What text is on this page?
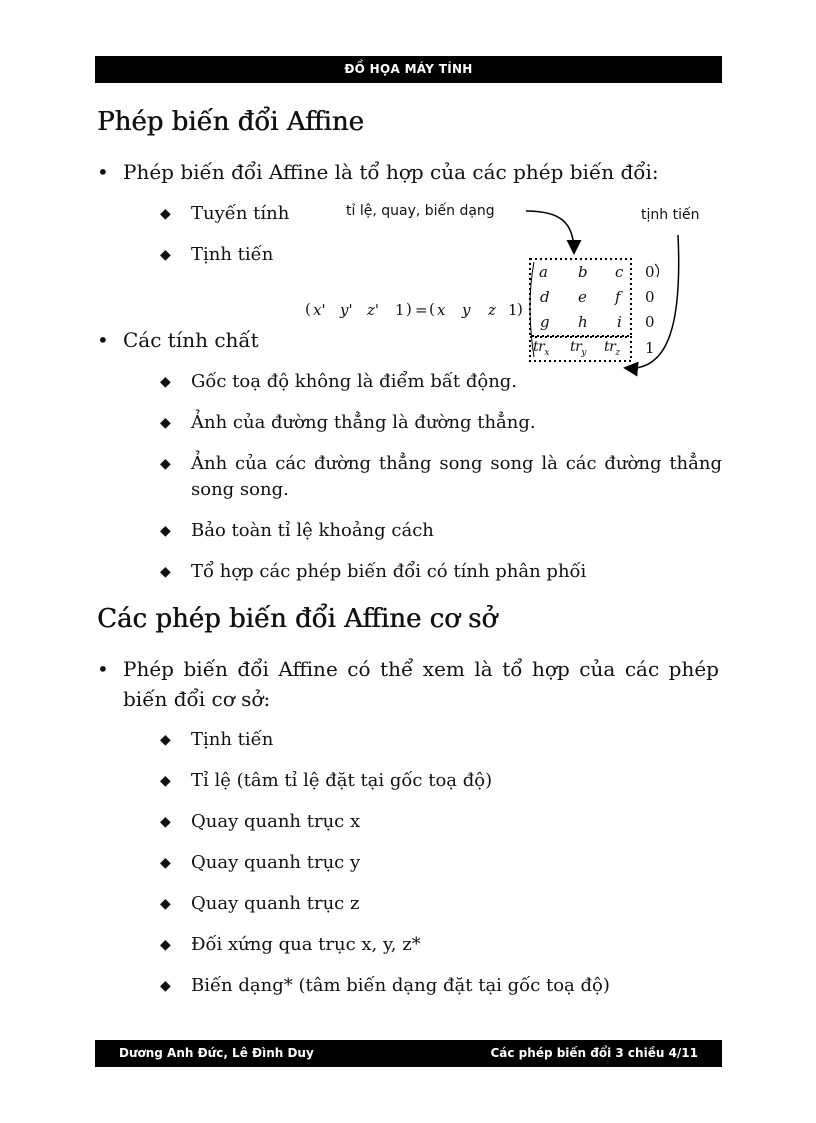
ĐỒ HỌA MÁY TÍNH
Phép biến đổi Affine
• Phép biến đổi Affine là tổ hợp của các phép biến đổi:
◆ Tuyến tính
◆ Tịnh tiến
• Các tính chất
◆ Gốc toạ độ không là điểm bất động.
◆ Ảnh của đường thẳng là đường thẳng.
◆ Ảnh của các đường thẳng song song là các đường thẳng song song.
◆ Bảo toàn tỉ lệ khoảng cách
◆ Tổ hợp các phép biến đổi có tính phân phối
tỉ lệ, quay, biến dạng	tịnh tiến
( x' y' z' 1 ) = ( x y z 1 )
a b c 0
d e f 0
g h i 0
$tr_x$ $tr_y$ $tr_z$ 1
Các phép biến đổi Affine cơ sở
• Phép biến đổi Affine có thể xem là tổ hợp của các phép biến đổi cơ sở:
◆ Tịnh tiến
◆ Tỉ lệ (tâm tỉ lệ đặt tại gốc toạ độ)
◆ Quay quanh trục x
◆ Quay quanh trục y
◆ Quay quanh trục z
◆ Đối xứng qua trục x, y, z*
◆ Biến dạng* (tâm biến dạng đặt tại gốc toạ độ)
Dương Anh Đức, Lê Đình Duy	Các phép biến đổi 3 chiều 4/11
